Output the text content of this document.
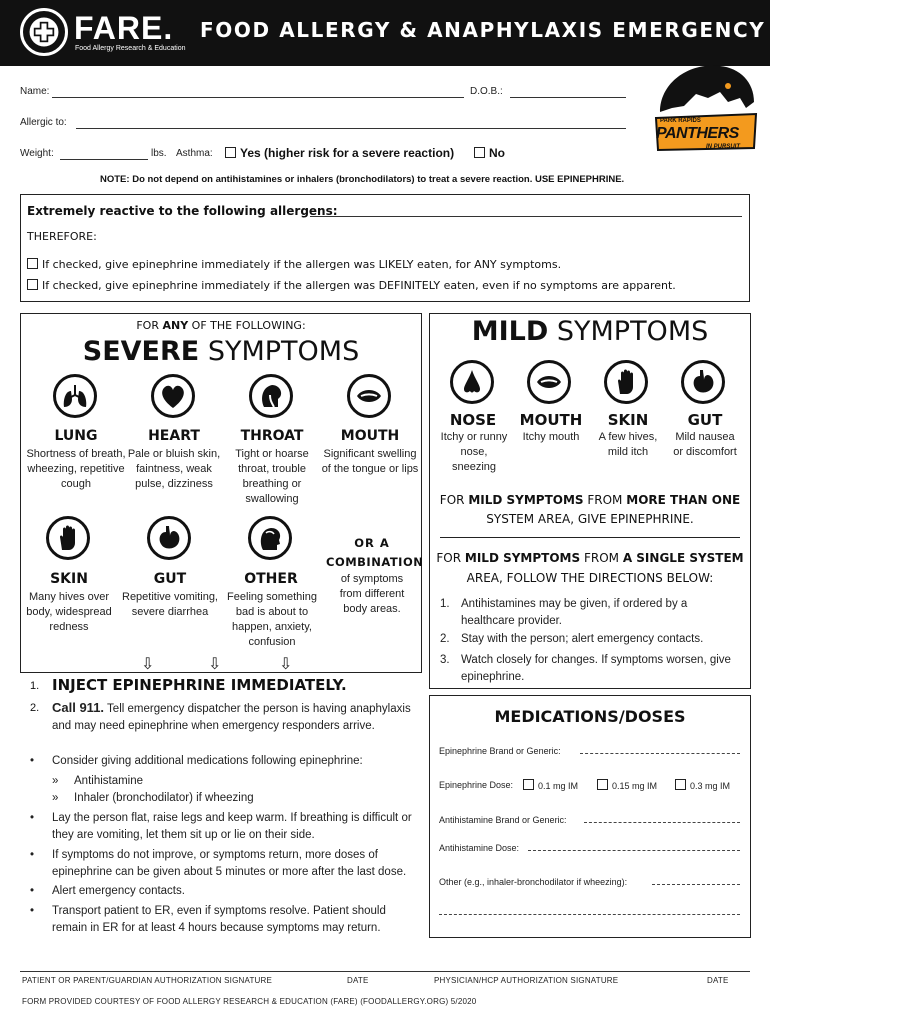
FARE.
Food Allergy Research & Education
FOOD ALLERGY & ANAPHYLAXIS EMERGENCY CARE PLAN
PARK RAPIDS
PANTHERS
IN PURSUIT
Name:	D.O.B.:
Allergic to:
Weight:	lbs. Asthma:	Yes (higher risk for a severe reaction)	No
NOTE: Do not depend on antihistamines or inhalers (bronchodilators) to treat a severe reaction. USE EPINEPHRINE.
Extremely reactive to the following allergens:
THEREFORE:
If checked, give epinephrine immediately if the allergen was LIKELY eaten, for ANY symptoms.
If checked, give epinephrine immediately if the allergen was DEFINITELY eaten, even if no symptoms are apparent.
FOR ANY OF THE FOLLOWING:
SEVERE SYMPTOMS
LUNG	HEART	THROAT	MOUTH
Shortness of breath, wheezing, repetitive cough
Pale or bluish skin, faintness, weak pulse, dizziness
Tight or hoarse throat, trouble breathing or swallowing
Significant swelling of the tongue or lips
SKIN	GUT	OTHER
Many hives over body, widespread redness
Repetitive vomiting, severe diarrhea
Feeling something bad is about to happen, anxiety, confusion
OR A
COMBINATION
of symptoms from different body areas.
⇩	⇩	⇩
1. INJECT EPINEPHRINE IMMEDIATELY.
2. Call 911. Tell emergency dispatcher the person is having anaphylaxis and may need epinephrine when emergency responders arrive.
• Consider giving additional medications following epinephrine:
» Antihistamine
» Inhaler (bronchodilator) if wheezing
• Lay the person flat, raise legs and keep warm. If breathing is difficult or they are vomiting, let them sit up or lie on their side.
• If symptoms do not improve, or symptoms return, more doses of epinephrine can be given about 5 minutes or more after the last dose.
• Alert emergency contacts.
• Transport patient to ER, even if symptoms resolve. Patient should remain in ER for at least 4 hours because symptoms may return.
MILD SYMPTOMS
NOSE	MOUTH	SKIN	GUT
Itchy or runny nose, sneezing
Itchy mouth	A few hives, mild itch
Mild nausea or discomfort
FOR MILD SYMPTOMS FROM MORE THAN ONE
SYSTEM AREA, GIVE EPINEPHRINE.
FOR MILD SYMPTOMS FROM A SINGLE SYSTEM
AREA, FOLLOW THE DIRECTIONS BELOW:
1. Antihistamines may be given, if ordered by a healthcare provider.
2. Stay with the person; alert emergency contacts.
3. Watch closely for changes. If symptoms worsen, give epinephrine.
MEDICATIONS/DOSES
Epinephrine Brand or Generic:
Epinephrine Dose:	0.1 mg IM	0.15 mg IM	0.3 mg IM
Antihistamine Brand or Generic:
Antihistamine Dose:
Other (e.g., inhaler-bronchodilator if wheezing):
PATIENT OR PARENT/GUARDIAN AUTHORIZATION SIGNATURE	DATE	PHYSICIAN/HCP AUTHORIZATION SIGNATURE	DATE
FORM PROVIDED COURTESY OF FOOD ALLERGY RESEARCH & EDUCATION (FARE) (FOODALLERGY.ORG) 5/2020
